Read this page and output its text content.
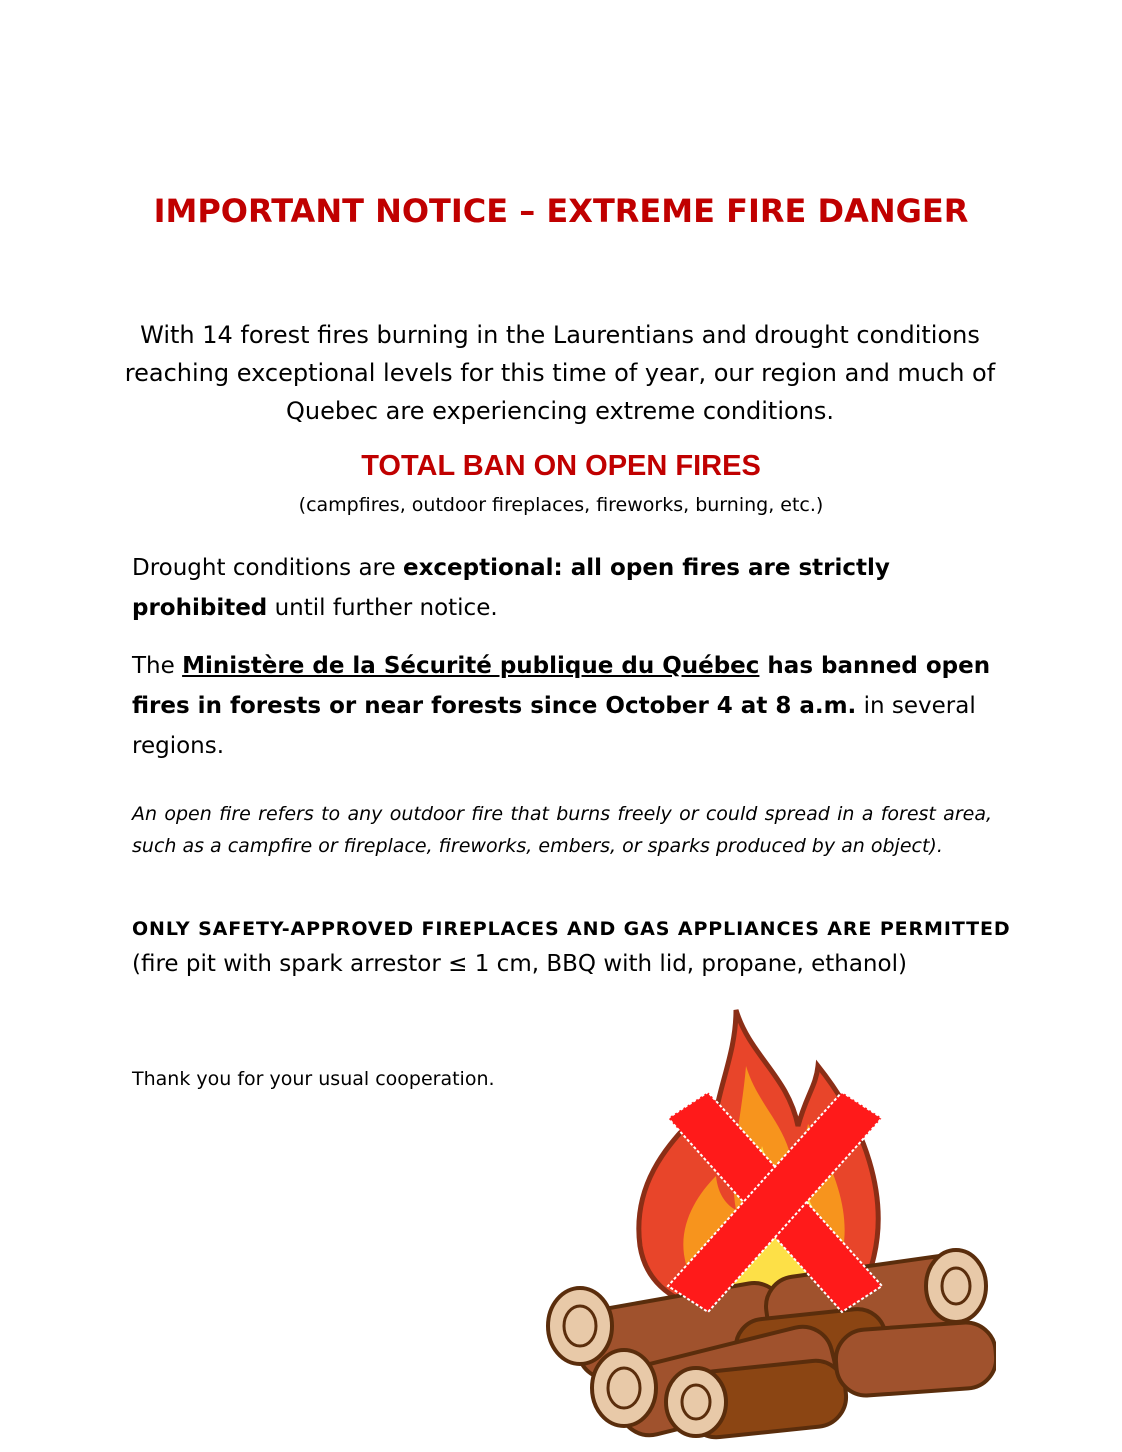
IMPORTANT NOTICE – EXTREME FIRE DANGER
With 14 forest fires burning in the Laurentians and drought conditions reaching exceptional levels for this time of year, our region and much of Quebec are experiencing extreme conditions.
TOTAL BAN ON OPEN FIRES
(campfires, outdoor fireplaces, fireworks, burning, etc.)
Drought conditions are exceptional: all open fires are strictly prohibited until further notice.
The Ministère de la Sécurité publique du Québec has banned open fires in forests or near forests since October 4 at 8 a.m. in several regions.
An open fire refers to any outdoor fire that burns freely or could spread in a forest area, such as a campfire or fireplace, fireworks, embers, or sparks produced by an object).
ONLY SAFETY-APPROVED FIREPLACES AND GAS APPLIANCES ARE PERMITTED
(fire pit with spark arrestor ≤ 1 cm, BBQ with lid, propane, ethanol)
Thank you for your usual cooperation.
